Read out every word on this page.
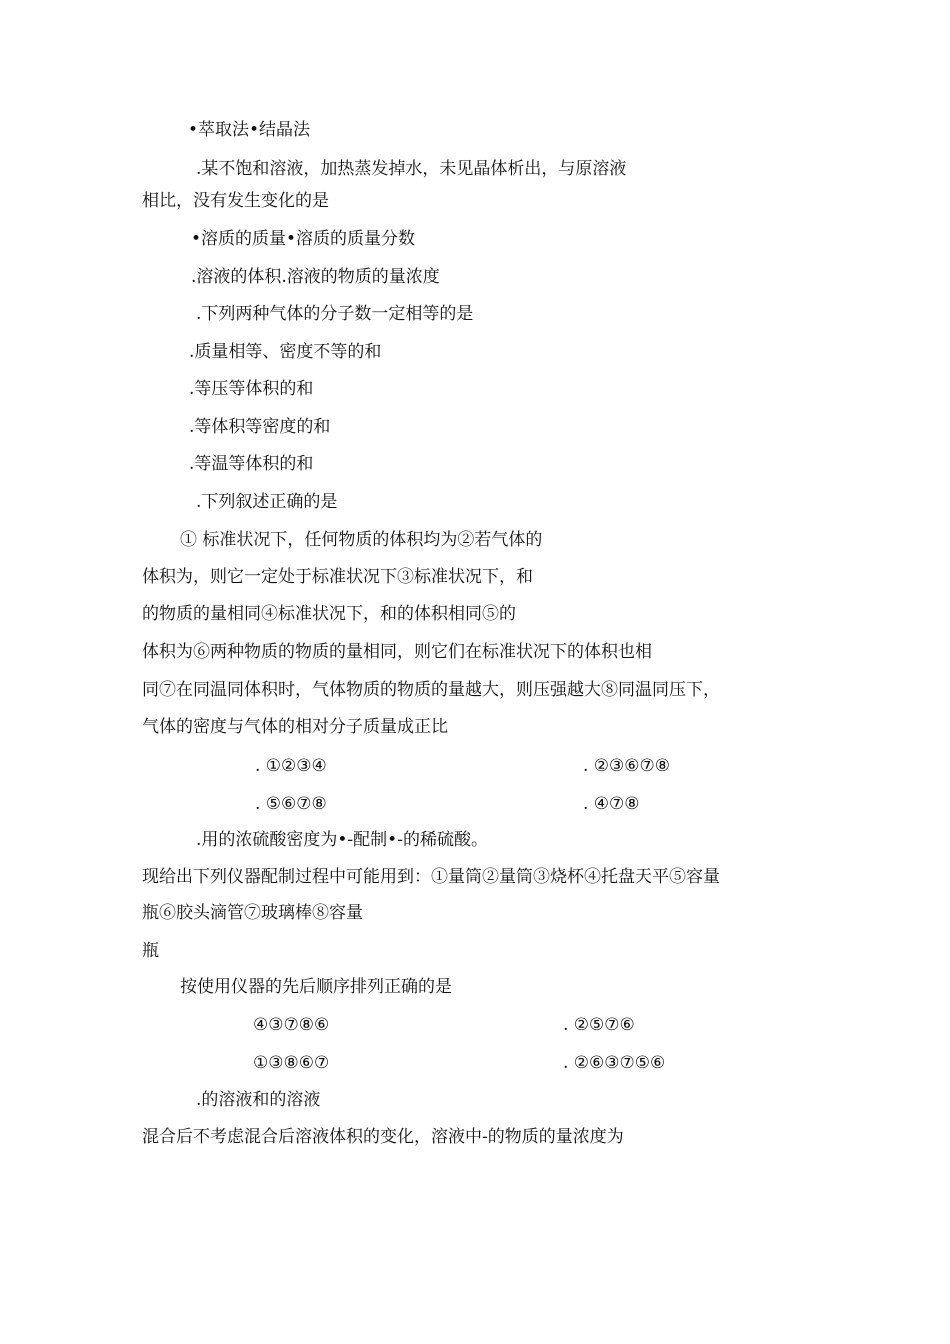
•萃取法•结晶法

.某不饱和溶液，加热蒸发掉水，未见晶体析出，与原溶液

相比，没有发生变化的是

•溶质的质量•溶质的质量分数

.溶液的体积.溶液的物质的量浓度

.下列两种气体的分子数一定相等的是

.质量相等、密度不等的和

.等压等体积的和

.等体积等密度的和

.等温等体积的和

.下列叙述正确的是

① 标准状况下，任何物质的体积均为②若气体的

体积为，则它一定处于标准状况下③标准状况下，和

的物质的量相同④标准状况下，和的体积相同⑤的

体积为⑥两种物质的物质的量相同，则它们在标准状况下的体积也相

同⑦在同温同体积时，气体物质的物质的量越大，则压强越大⑧同温同压下，

气体的密度与气体的相对分子质量成正比

. ①②③④	. ②③⑥⑦⑧

. ⑤⑥⑦⑧	. ④⑦⑧

.用的浓硫酸密度为•-配制•-的稀硫酸。

现给出下列仪器配制过程中可能用到：①量筒②量筒③烧杯④托盘天平⑤容量

瓶⑥胶头滴管⑦玻璃棒⑧容量

瓶

按使用仪器的先后顺序排列正确的是

④③⑦⑧⑥	. ②⑤⑦⑥

①③⑧⑥⑦	. ②⑥③⑦⑤⑥

.的溶液和的溶液

混合后不考虑混合后溶液体积的变化，溶液中-的物质的量浓度为
